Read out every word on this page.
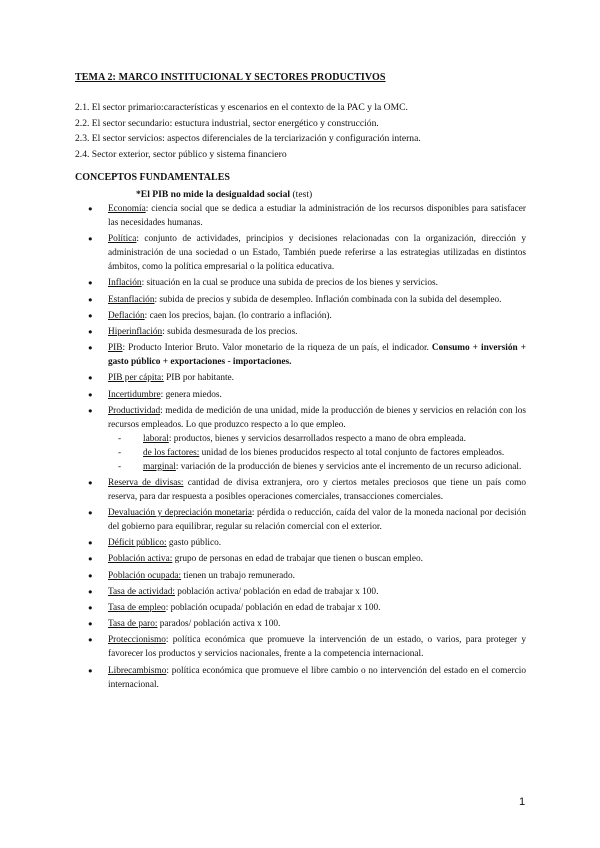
TEMA 2: MARCO INSTITUCIONAL Y SECTORES PRODUCTIVOS
2.1. El sector primario:características y escenarios en el contexto de la PAC y la OMC.
2.2. El sector secundario: estuctura industrial, sector energético y construcción.
2.3. El sector servicios: aspectos diferenciales de la terciarización y configuración interna.
2.4. Sector exterior, sector público y sistema financiero
CONCEPTOS FUNDAMENTALES
*El PIB no mide la desigualdad social (test)
● Economía: ciencia social que se dedica a estudiar la administración de los recursos disponibles para satisfacer las necesidades humanas.
● Política: conjunto de actividades, principios y decisiones relacionadas con la organización, dirección y administración de una sociedad o un Estado, También puede referirse a las estrategias utilizadas en distintos ámbitos, como la política empresarial o la política educativa.
● Inflación: situación en la cual se produce una subida de precios de los bienes y servicios.
● Estanflación: subida de precios y subida de desempleo. Inflación combinada con la subida del desempleo.
● Deflación: caen los precios, bajan. (lo contrario a inflación).
● Hiperinflación: subida desmesurada de los precios.
● PIB: Producto Interior Bruto. Valor monetario de la riqueza de un país, el indicador. Consumo + inversión + gasto público + exportaciones - importaciones.
● PIB per cápita: PIB por habitante.
● Incertidumbre: genera miedos.
● Productividad: medida de medición de una unidad, mide la producción de bienes y servicios en relación con los recursos empleados. Lo que produzco respecto a lo que empleo.
- laboral: productos, bienes y servicios desarrollados respecto a mano de obra empleada.
- de los factores: unidad de los bienes producidos respecto al total conjunto de factores empleados.
- marginal: variación de la producción de bienes y servicios ante el incremento de un recurso adicional.
● Reserva de divisas: cantidad de divisa extranjera, oro y ciertos metales preciosos que tiene un país como reserva, para dar respuesta a posibles operaciones comerciales, transacciones comerciales.
● Devaluación y depreciación monetaria: pérdida o reducción, caída del valor de la moneda nacional por decisión del gobierno para equilibrar, regular su relación comercial con el exterior.
● Déficit público: gasto público.
● Población activa: grupo de personas en edad de trabajar que tienen o buscan empleo.
● Población ocupada: tienen un trabajo remunerado.
● Tasa de actividad: población activa/ población en edad de trabajar x 100.
● Tasa de empleo: población ocupada/ población en edad de trabajar x 100.
● Tasa de paro: parados/ población activa x 100.
● Proteccionismo: política económica que promueve la intervención de un estado, o varios, para proteger y favorecer los productos y servicios nacionales, frente a la competencia internacional.
● Librecambismo: política económica que promueve el libre cambio o no intervención del estado en el comercio internacional.
1
